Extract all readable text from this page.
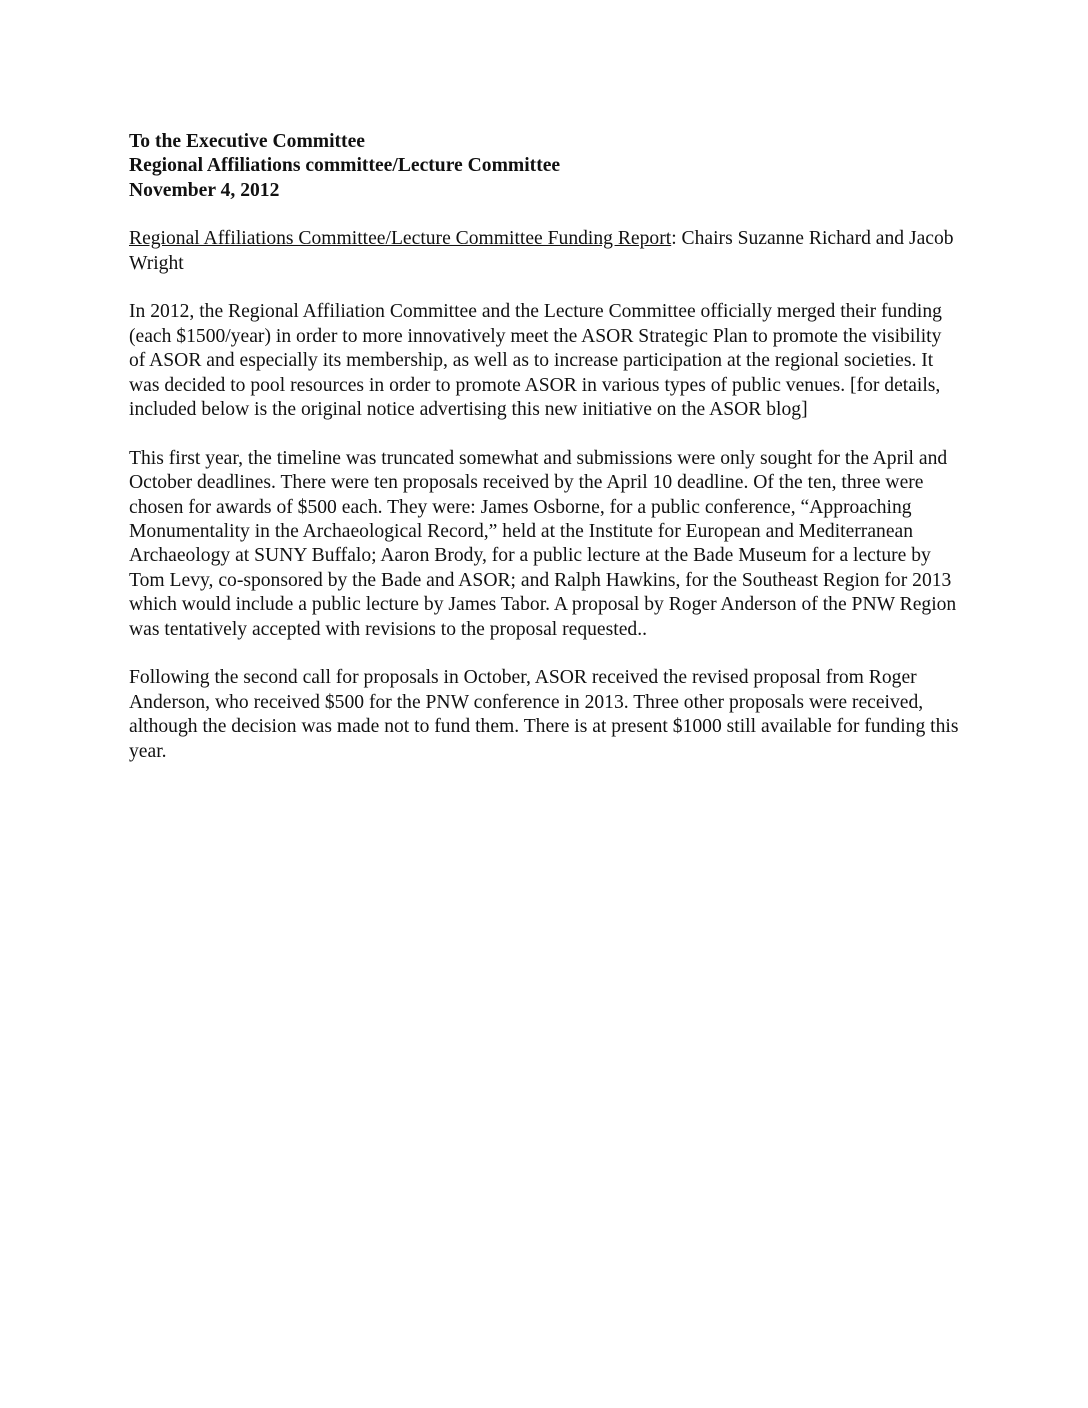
To the Executive Committee
Regional Affiliations committee/Lecture Committee
November 4, 2012

Regional Affiliations Committee/Lecture Committee Funding Report: Chairs Suzanne Richard and Jacob Wright

In 2012, the Regional Affiliation Committee and the Lecture Committee officially merged their funding (each $1500/year) in order to more innovatively meet the ASOR Strategic Plan to promote the visibility of ASOR and especially its membership, as well as to increase participation at the regional societies. It was decided to pool resources in order to promote ASOR in various types of public venues. [for details, included below is the original notice advertising this new initiative on the ASOR blog]

This first year, the timeline was truncated somewhat and submissions were only sought for the April and October deadlines. There were ten proposals received by the April 10 deadline. Of the ten, three were chosen for awards of $500 each. They were: James Osborne, for a public conference, “Approaching Monumentality in the Archaeological Record,” held at the Institute for European and Mediterranean Archaeology at SUNY Buffalo; Aaron Brody, for a public lecture at the Bade Museum for a lecture by Tom Levy, co-sponsored by the Bade and ASOR; and Ralph Hawkins, for the Southeast Region for 2013 which would include a public lecture by James Tabor. A proposal by Roger Anderson of the PNW Region was tentatively accepted with revisions to the proposal requested..

Following the second call for proposals in October, ASOR received the revised proposal from Roger Anderson, who received $500 for the PNW conference in 2013. Three other proposals were received, although the decision was made not to fund them. There is at present $1000 still available for funding this year.
